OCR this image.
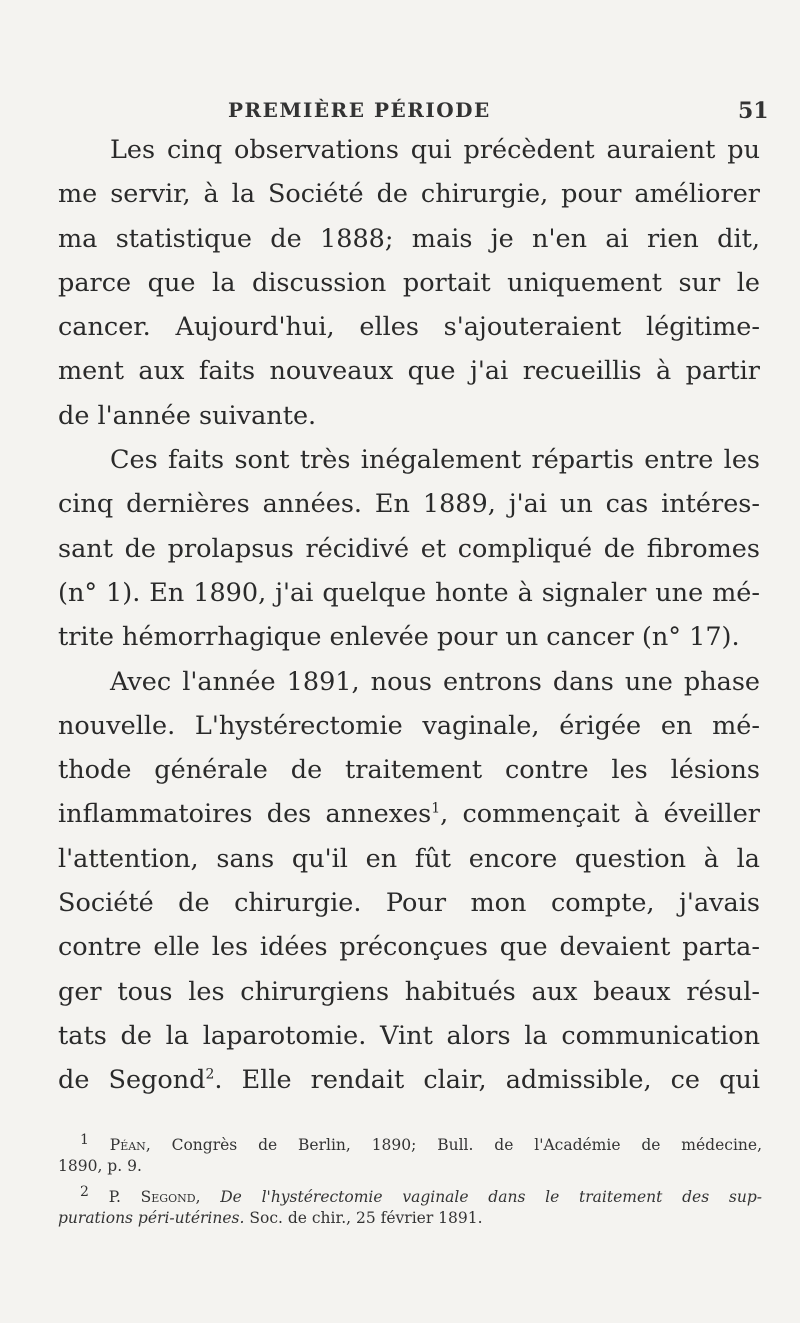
PREMIÈRE PÉRIODE	51
Les cinq observations qui précèdent auraient pu
me servir, à la Société de chirurgie, pour améliorer
ma statistique de 1888; mais je n'en ai rien dit,
parce que la discussion portait uniquement sur le
cancer. Aujourd'hui, elles s'ajouteraient légitime-
ment aux faits nouveaux que j'ai recueillis à partir
de l'année suivante.
Ces faits sont très inégalement répartis entre les
cinq dernières années. En 1889, j'ai un cas intéres-
sant de prolapsus récidivé et compliqué de fibromes
(n° 1). En 1890, j'ai quelque honte à signaler une mé-
trite hémorrhagique enlevée pour un cancer (n° 17).
Avec l'année 1891, nous entrons dans une phase
nouvelle. L'hystérectomie vaginale, érigée en mé-
thode générale de traitement contre les lésions
inflammatoires des annexes$^1$, commençait à éveiller
l'attention, sans qu'il en fût encore question à la
Société de chirurgie. Pour mon compte, j'avais
contre elle les idées préconçues que devaient parta-
ger tous les chirurgiens habitués aux beaux résul-
tats de la laparotomie. Vint alors la communication
de Segond$^2$. Elle rendait clair, admissible, ce qui
$^1$ Péan, Congrès de Berlin, 1890; Bull. de l'Académie de médecine,
1890, p. 9.
$^2$ P. Segond, De l'hystérectomie vaginale dans le traitement des sup-
purations péri-utérines. Soc. de chir., 25 février 1891.
